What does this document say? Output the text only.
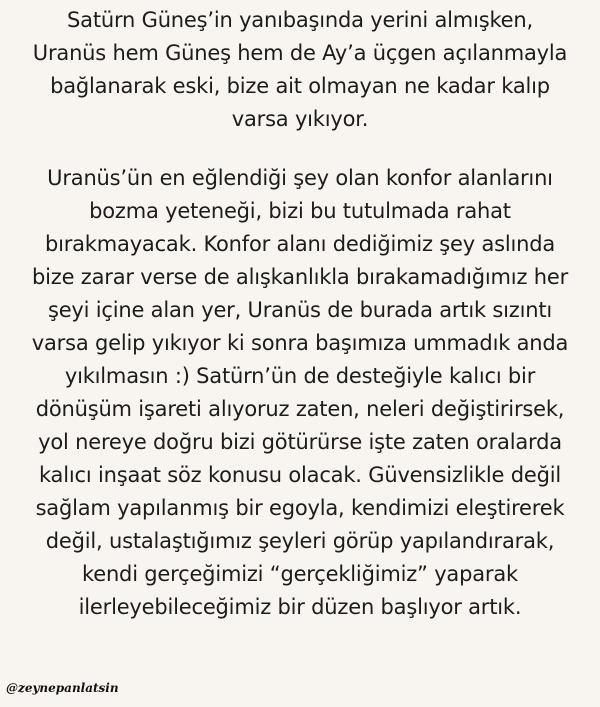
Satürn Güneş’in yanıbaşında yerini almışken,
Uranüs hem Güneş hem de Ay’a üçgen açılanmayla
bağlanarak eski, bize ait olmayan ne kadar kalıp
varsa yıkıyor.

Uranüs’ün en eğlendiği şey olan konfor alanlarını
bozma yeteneği, bizi bu tutulmada rahat
bırakmayacak. Konfor alanı dediğimiz şey aslında
bize zarar verse de alışkanlıkla bırakamadığımız her
şeyi içine alan yer, Uranüs de burada artık sızıntı
varsa gelip yıkıyor ki sonra başımıza ummadık anda
yıkılmasın :) Satürn’ün de desteğiyle kalıcı bir
dönüşüm işareti alıyoruz zaten, neleri değiştirirsek,
yol nereye doğru bizi götürürse işte zaten oralarda
kalıcı inşaat söz konusu olacak. Güvensizlikle değil
sağlam yapılanmış bir egoyla, kendimizi eleştirerek
değil, ustalaştığımız şeyleri görüp yapılandırarak,
kendi gerçeğimizi “gerçekliğimiz” yaparak
ilerleyebileceğimiz bir düzen başlıyor artık.

@zeynepanlatsin
